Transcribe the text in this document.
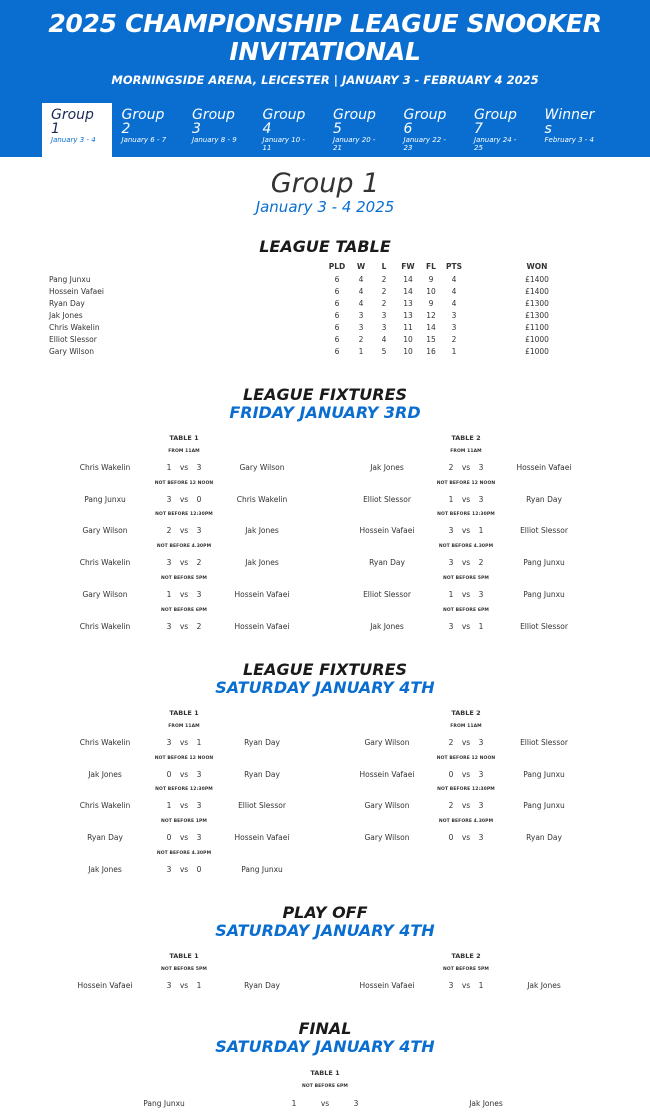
2025 CHAMPIONSHIP LEAGUE SNOOKER INVITATIONAL
MORNINGSIDE ARENA, LEICESTER | JANUARY 3 - FEBRUARY 4 2025
Group 1
January 3 - 4
Group 2
January 6 - 7
Group 3
January 8 - 9
Group 4
January 10 - 11
Group 5
January 20 - 21
Group 6
January 22 - 23
Group 7
January 24 - 25
Winners
February 3 - 4
Group 1
January 3 - 4 2025
LEAGUE TABLE
PLD	W	L	FW	FL	PTS	WON
Pang Junxu	6	4	2	14	9	4	£1400
Hossein Vafaei	6	4	2	14	10	4	£1400
Ryan Day	6	4	2	13	9	4	£1300
Jak Jones	6	3	3	13	12	3	£1300
Chris Wakelin	6	3	3	11	14	3	£1100
Elliot Slessor	6	2	4	10	15	2	£1000
Gary Wilson	6	1	5	10	16	1	£1000
LEAGUE FIXTURES
FRIDAY JANUARY 3RD
TABLE 1
FROM 11AM
Chris Wakelin	1	vs	3	Gary Wilson
NOT BEFORE 12 NOON
Pang Junxu	3	vs	0	Chris Wakelin
NOT BEFORE 12:30PM
Gary Wilson	2	vs	3	Jak Jones
NOT BEFORE 4.30PM
Chris Wakelin	3	vs	2	Jak Jones
NOT BEFORE 5PM
Gary Wilson	1	vs	3	Hossein Vafaei
NOT BEFORE 6PM
Chris Wakelin	3	vs	2	Hossein Vafaei
TABLE 2
FROM 11AM
Jak Jones	2	vs	3	Hossein Vafaei
NOT BEFORE 12 NOON
Elliot Slessor	1	vs	3	Ryan Day
NOT BEFORE 12:30PM
Hossein Vafaei	3	vs	1	Elliot Slessor
NOT BEFORE 4.30PM
Ryan Day	3	vs	2	Pang Junxu
NOT BEFORE 5PM
Elliot Slessor	1	vs	3	Pang Junxu
NOT BEFORE 6PM
Jak Jones	3	vs	1	Elliot Slessor
LEAGUE FIXTURES
SATURDAY JANUARY 4TH
TABLE 1
FROM 11AM
Chris Wakelin	3	vs	1	Ryan Day
NOT BEFORE 12 NOON
Jak Jones	0	vs	3	Ryan Day
NOT BEFORE 12:30PM
Chris Wakelin	1	vs	3	Elliot Slessor
NOT BEFORE 1PM
Ryan Day	0	vs	3	Hossein Vafaei
NOT BEFORE 4.30PM
Jak Jones	3	vs	0	Pang Junxu
TABLE 2
FROM 11AM
Gary Wilson	2	vs	3	Elliot Slessor
NOT BEFORE 12 NOON
Hossein Vafaei	0	vs	3	Pang Junxu
NOT BEFORE 12:30PM
Gary Wilson	2	vs	3	Pang Junxu
NOT BEFORE 4.30PM
Gary Wilson	0	vs	3	Ryan Day
PLAY OFF
SATURDAY JANUARY 4TH
TABLE 1
NOT BEFORE 5PM
Hossein Vafaei	3	vs	1	Ryan Day
TABLE 2
NOT BEFORE 5PM
Hossein Vafaei	3	vs	1	Jak Jones
FINAL
SATURDAY JANUARY 4TH
TABLE 1
NOT BEFORE 6PM
Pang Junxu	1	vs	3	Jak Jones
